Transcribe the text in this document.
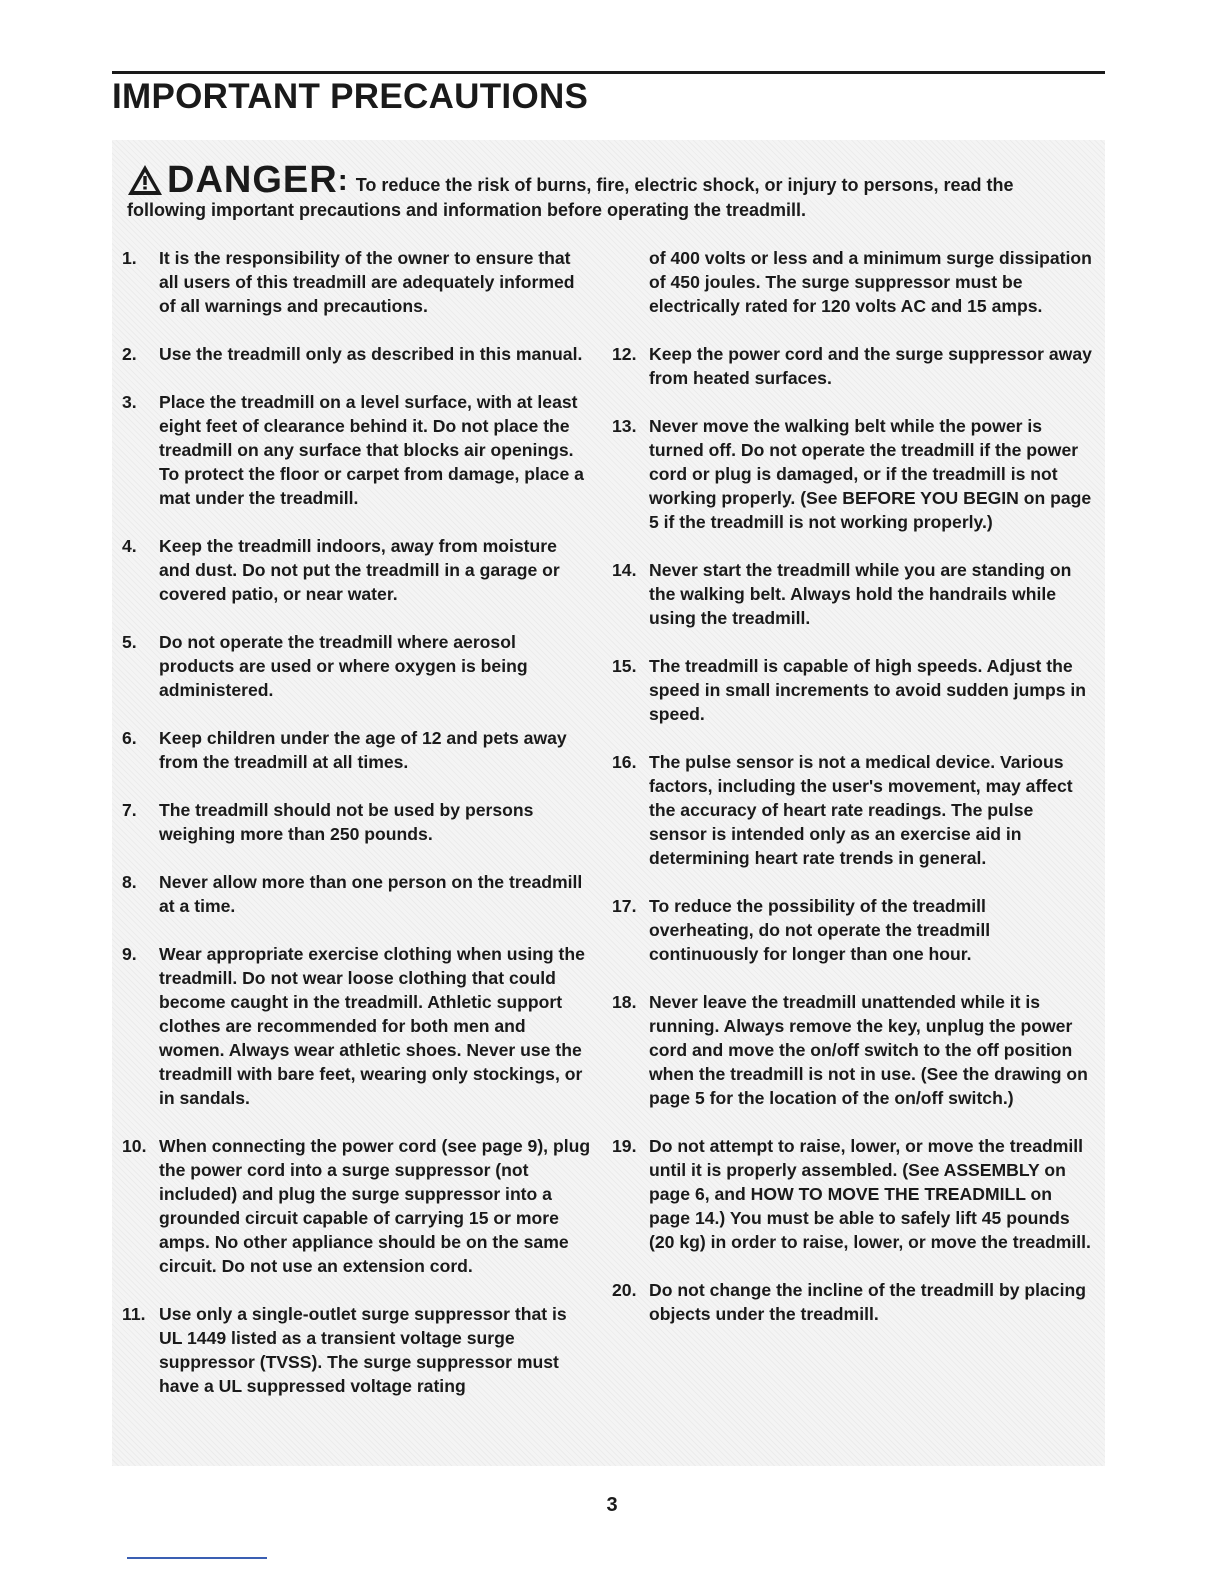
IMPORTANT PRECAUTIONS
DANGER : To reduce the risk of burns, fire, electric shock, or injury to persons, read the
following important precautions and information before operating the treadmill.
1.	It is the responsibility of the owner to ensure that all users of this treadmill are adequately informed of all warnings and precautions.
2.	Use the treadmill only as described in this manual.
3.	Place the treadmill on a level surface, with at least eight feet of clearance behind it. Do not place the treadmill on any surface that blocks air openings. To protect the floor or carpet from damage, place a mat under the treadmill.
4.	Keep the treadmill indoors, away from moisture and dust. Do not put the treadmill in a garage or covered patio, or near water.
5.	Do not operate the treadmill where aerosol products are used or where oxygen is being administered.
6.	Keep children under the age of 12 and pets away from the treadmill at all times.
7.	The treadmill should not be used by persons weighing more than 250 pounds.
8.	Never allow more than one person on the treadmill at a time.
9.	Wear appropriate exercise clothing when using the treadmill. Do not wear loose clothing that could become caught in the treadmill. Athletic support clothes are recommended for both men and women. Always wear athletic shoes. Never use the treadmill with bare feet, wearing only stockings, or in sandals.
10. When connecting the power cord (see page 9), plug the power cord into a surge suppressor (not included) and plug the surge suppressor into a grounded circuit capable of carrying 15 or more amps. No other appliance should be on the same circuit. Do not use an extension cord.
11. Use only a single-outlet surge suppressor that is UL 1449 listed as a transient voltage surge suppressor (TVSS). The surge suppressor must have a UL suppressed voltage rating
of 400 volts or less and a minimum surge dissipation of 450 joules. The surge suppressor must be electrically rated for 120 volts AC and 15 amps.
12. Keep the power cord and the surge suppressor away from heated surfaces.
13. Never move the walking belt while the power is turned off. Do not operate the treadmill if the power cord or plug is damaged, or if the treadmill is not working properly. (See BEFORE YOU BEGIN on page 5 if the treadmill is not working properly.)
14. Never start the treadmill while you are standing on the walking belt. Always hold the handrails while using the treadmill.
15. The treadmill is capable of high speeds. Adjust the speed in small increments to avoid sudden jumps in speed.
16. The pulse sensor is not a medical device. Various factors, including the user's movement, may affect the accuracy of heart rate readings. The pulse sensor is intended only as an exercise aid in determining heart rate trends in general.
17. To reduce the possibility of the treadmill overheating, do not operate the treadmill continuously for longer than one hour.
18. Never leave the treadmill unattended while it is running. Always remove the key, unplug the power cord and move the on/off switch to the off position when the treadmill is not in use. (See the drawing on page 5 for the location of the on/off switch.)
19. Do not attempt to raise, lower, or move the treadmill until it is properly assembled. (See ASSEMBLY on page 6, and HOW TO MOVE THE TREADMILL on page 14.) You must be able to safely lift 45 pounds (20 kg) in order to raise, lower, or move the treadmill.
20. Do not change the incline of the treadmill by placing objects under the treadmill.
3
